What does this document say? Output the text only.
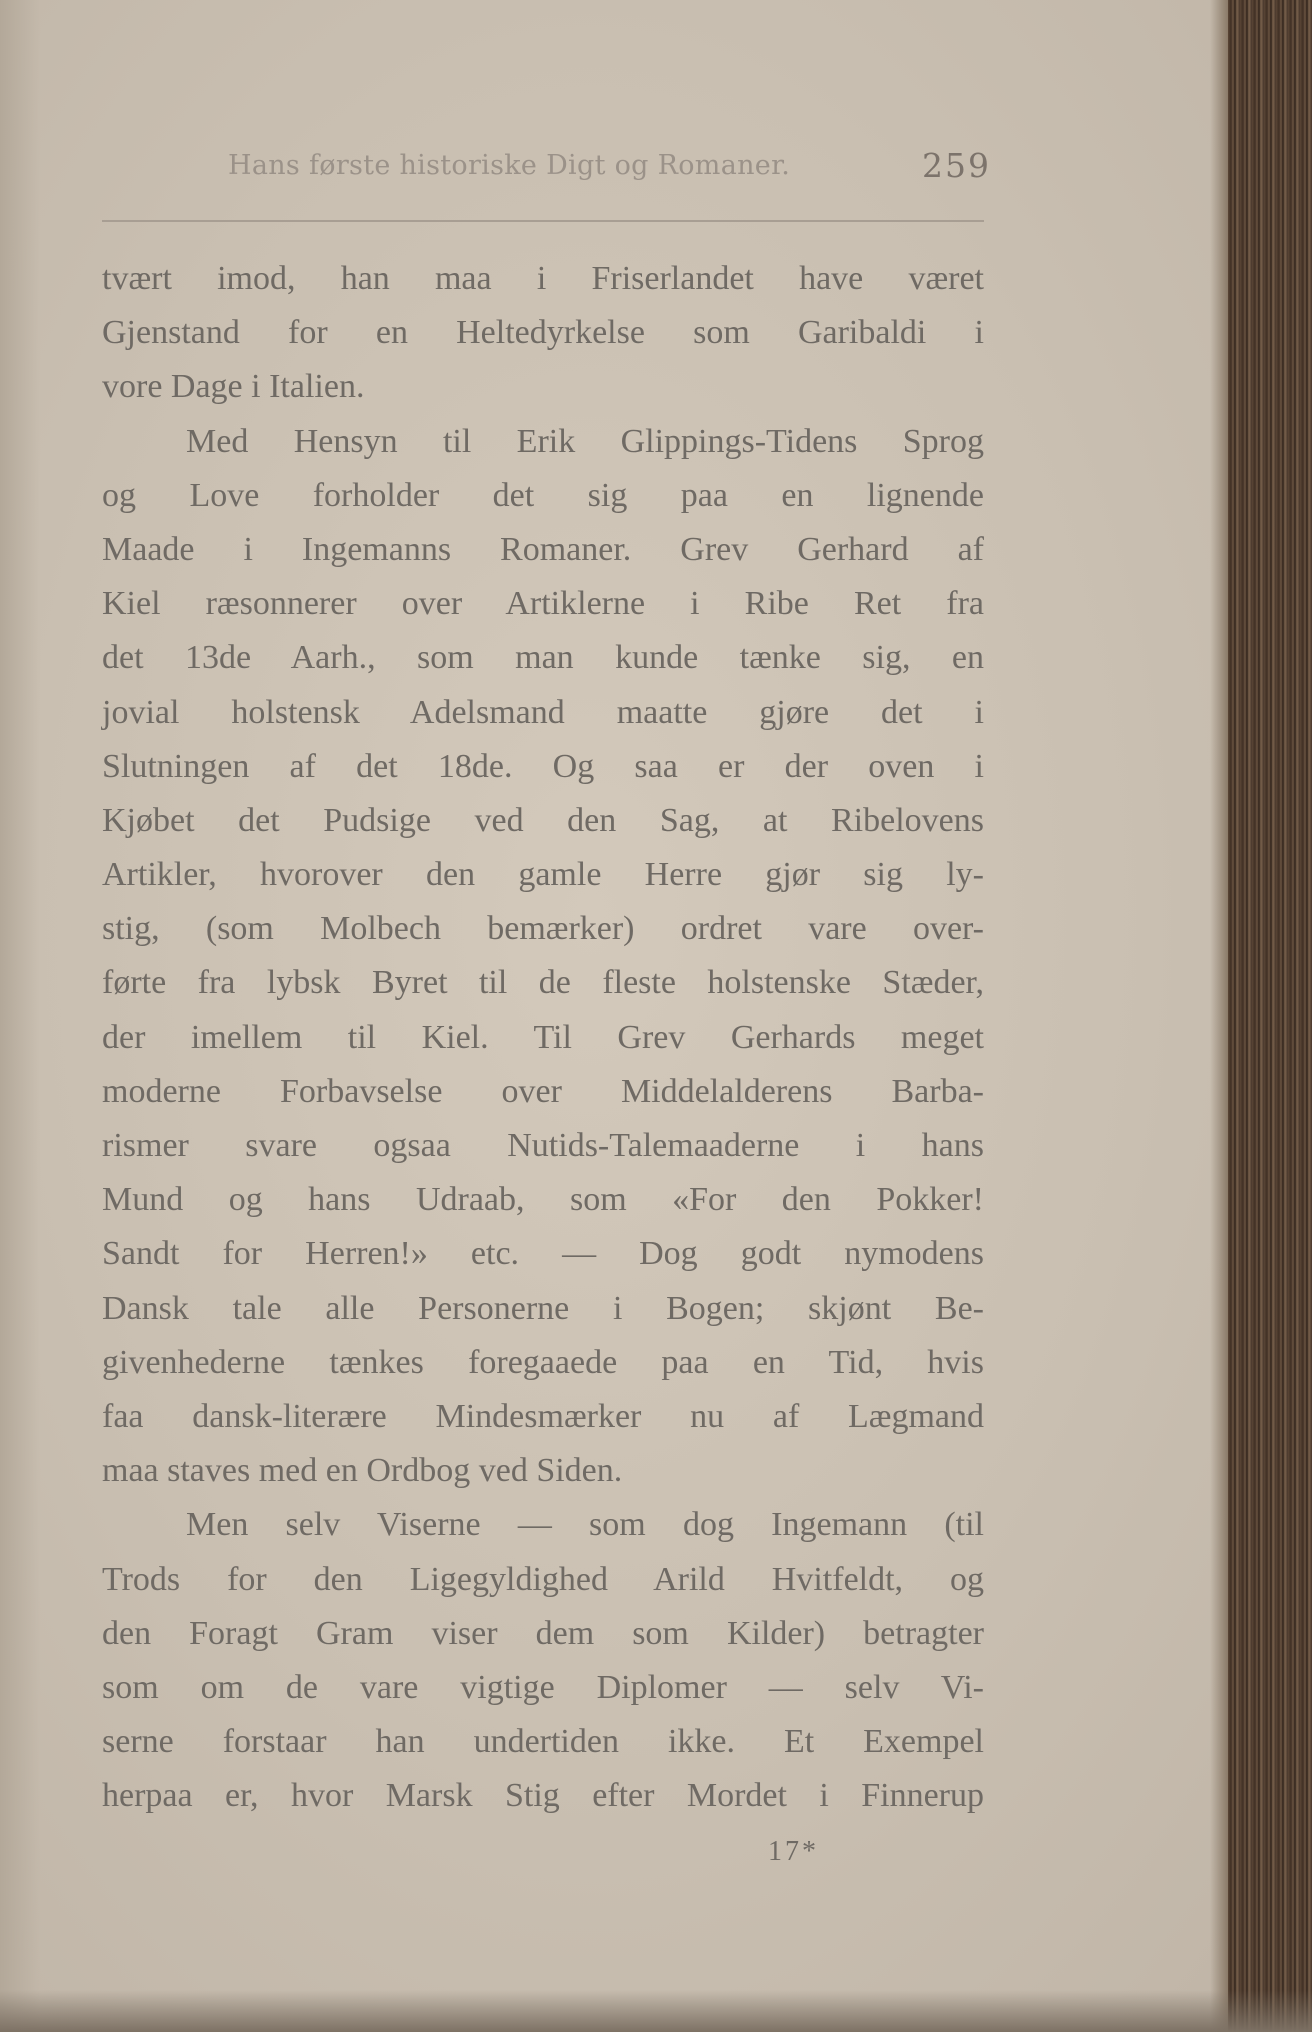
Hans første historiske Digt og Romaner.	259
tvært imod, han maa i Friserlandet have været
Gjenstand for en Heltedyrkelse som Garibaldi i
vore Dage i Italien.
Med Hensyn til Erik Glippings-Tidens Sprog
og Love forholder det sig paa en lignende
Maade i Ingemanns Romaner. Grev Gerhard af
Kiel ræsonnerer over Artiklerne i Ribe Ret fra
det 13de Aarh., som man kunde tænke sig, en
jovial holstensk Adelsmand maatte gjøre det i
Slutningen af det 18de. Og saa er der oven i
Kjøbet det Pudsige ved den Sag, at Ribelovens
Artikler, hvorover den gamle Herre gjør sig ly-
stig, (som Molbech bemærker) ordret vare over-
førte fra lybsk Byret til de fleste holstenske Stæder,
der imellem til Kiel. Til Grev Gerhards meget
moderne Forbavselse over Middelalderens Barba-
rismer svare ogsaa Nutids-Talemaaderne i hans
Mund og hans Udraab, som «For den Pokker!
Sandt for Herren!» etc. — Dog godt nymodens
Dansk tale alle Personerne i Bogen; skjønt Be-
givenhederne tænkes foregaaede paa en Tid, hvis
faa dansk-literære Mindesmærker nu af Lægmand
maa staves med en Ordbog ved Siden.
Men selv Viserne — som dog Ingemann (til
Trods for den Ligegyldighed Arild Hvitfeldt, og
den Foragt Gram viser dem som Kilder) betragter
som om de vare vigtige Diplomer — selv Vi-
serne forstaar han undertiden ikke. Et Exempel
herpaa er, hvor Marsk Stig efter Mordet i Finnerup
17*
